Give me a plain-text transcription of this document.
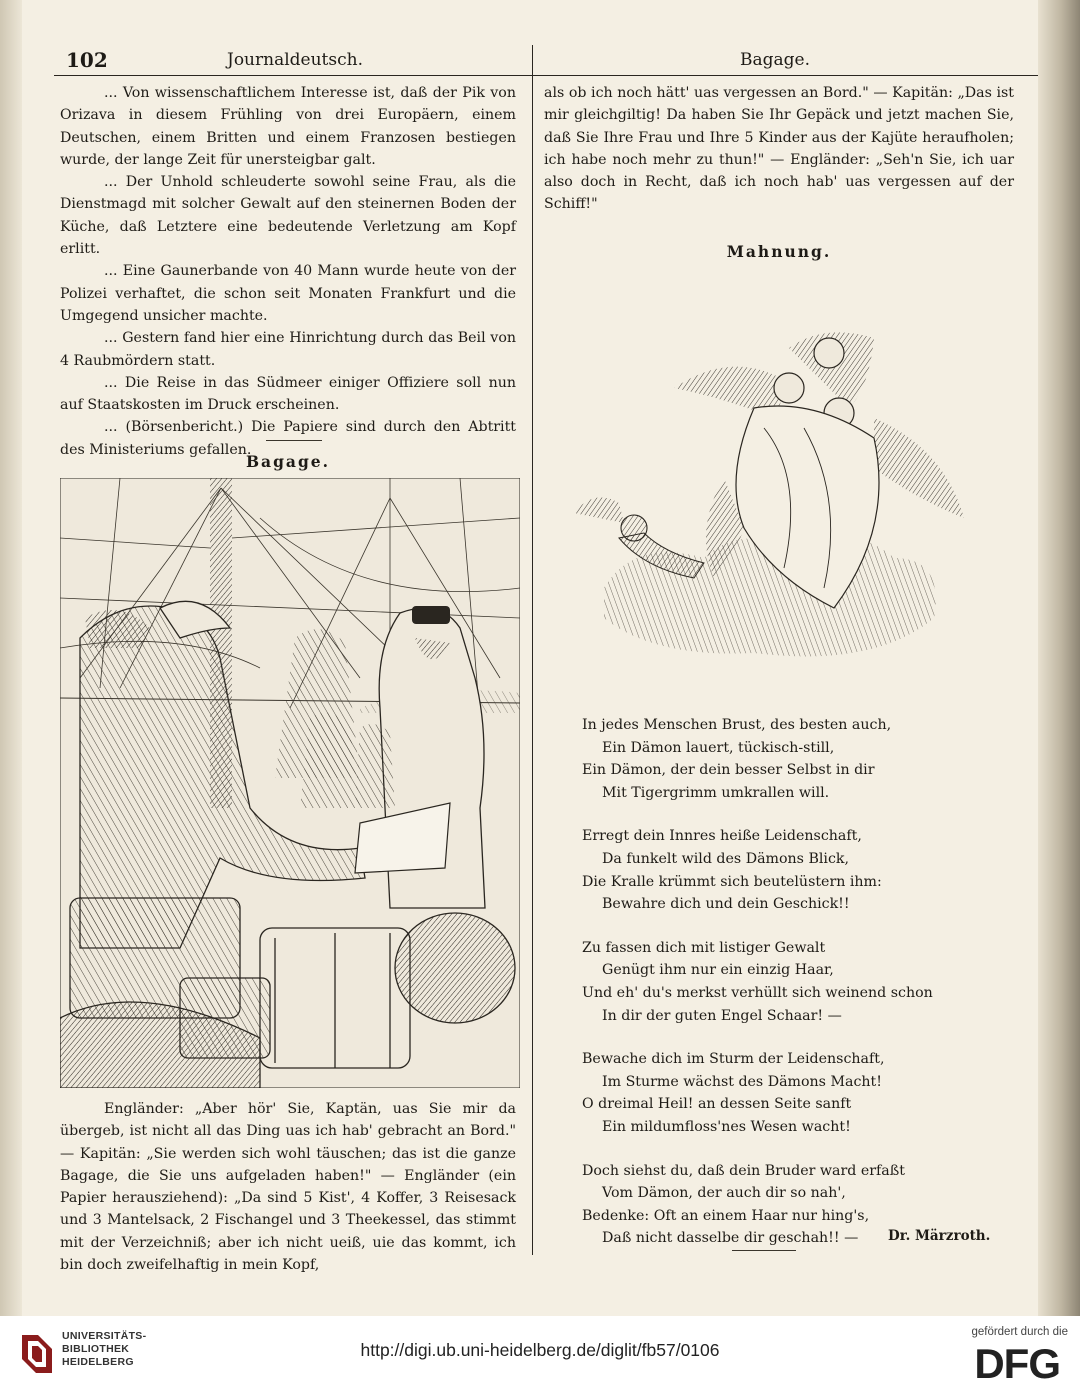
102	Journaldeutsch.	Bagage.

... Von wissenschaftlichem Interesse ist, daß der Pik von Orizava in diesem Frühling von drei Europäern, einem Deutschen, einem Britten und einem Franzosen bestiegen wurde, der lange Zeit für unersteigbar galt.

... Der Unhold schleuderte sowohl seine Frau, als die Dienstmagd mit solcher Gewalt auf den steinernen Boden der Küche, daß Letztere eine bedeutende Verletzung am Kopf erlitt.

... Eine Gaunerbande von 40 Mann wurde heute von der Polizei verhaftet, die schon seit Monaten Frankfurt und die Umgegend unsicher machte.

... Gestern fand hier eine Hinrichtung durch das Beil von 4 Raubmördern statt.

... Die Reise in das Südmeer einiger Offiziere soll nun auf Staatskosten im Druck erscheinen.

... (Börsenbericht.) Die Papiere sind durch den Abtritt des Ministeriums gefallen.

Bagage.

Engländer: „Aber hör' Sie, Kaptän, uas Sie mir da übergeb, ist nicht all das Ding uas ich hab' gebracht an Bord." — Kapitän: „Sie werden sich wohl täuschen; das ist die ganze Bagage, die Sie uns aufgeladen haben!" — Engländer (ein Papier herausziehend): „Da sind 5 Kist', 4 Koffer, 3 Reisesack und 3 Mantelsack, 2 Fischangel und 3 Theekessel, das stimmt mit der Verzeichniß; aber ich nicht ueiß, uie das kommt, ich bin doch zweifelhaftig in mein Kopf,

als ob ich noch hätt' uas vergessen an Bord." — Kapitän: „Das ist mir gleichgiltig! Da haben Sie Ihr Gepäck und jetzt machen Sie, daß Sie Ihre Frau und Ihre 5 Kinder aus der Kajüte heraufholen; ich habe noch mehr zu thun!" — Engländer: „Seh'n Sie, ich uar also doch in Recht, daß ich noch hab' uas vergessen auf der Schiff!"

Mahnung.
In jedes Menschen Brust, des besten auch,
Ein Dämon lauert, tückisch-still,
Ein Dämon, der dein besser Selbst in dir
Mit Tigergrimm umkrallen will.
Erregt dein Innres heiße Leidenschaft,
Da funkelt wild des Dämons Blick,
Die Kralle krümmt sich beutelüstern ihm:
Bewahre dich und dein Geschick!!
Zu fassen dich mit listiger Gewalt
Genügt ihm nur ein einzig Haar,
Und eh' du's merkst verhüllt sich weinend schon
In dir der guten Engel Schaar! —
Bewache dich im Sturm der Leidenschaft,
Im Sturme wächst des Dämons Macht!
O dreimal Heil! an dessen Seite sanft
Ein mildumfloss'nes Wesen wacht!
Doch siehst du, daß dein Bruder ward erfaßt
Vom Dämon, der auch dir so nah',
Bedenke: Oft an einem Haar nur hing's,
Daß nicht dasselbe dir geschah!! —	Dr. Märzroth.
UNIVERSITÄTS-
BIBLIOTHEK
HEIDELBERG
http://digi.ub.uni-heidelberg.de/diglit/fb57/0106
gefördert durch die
DFG
